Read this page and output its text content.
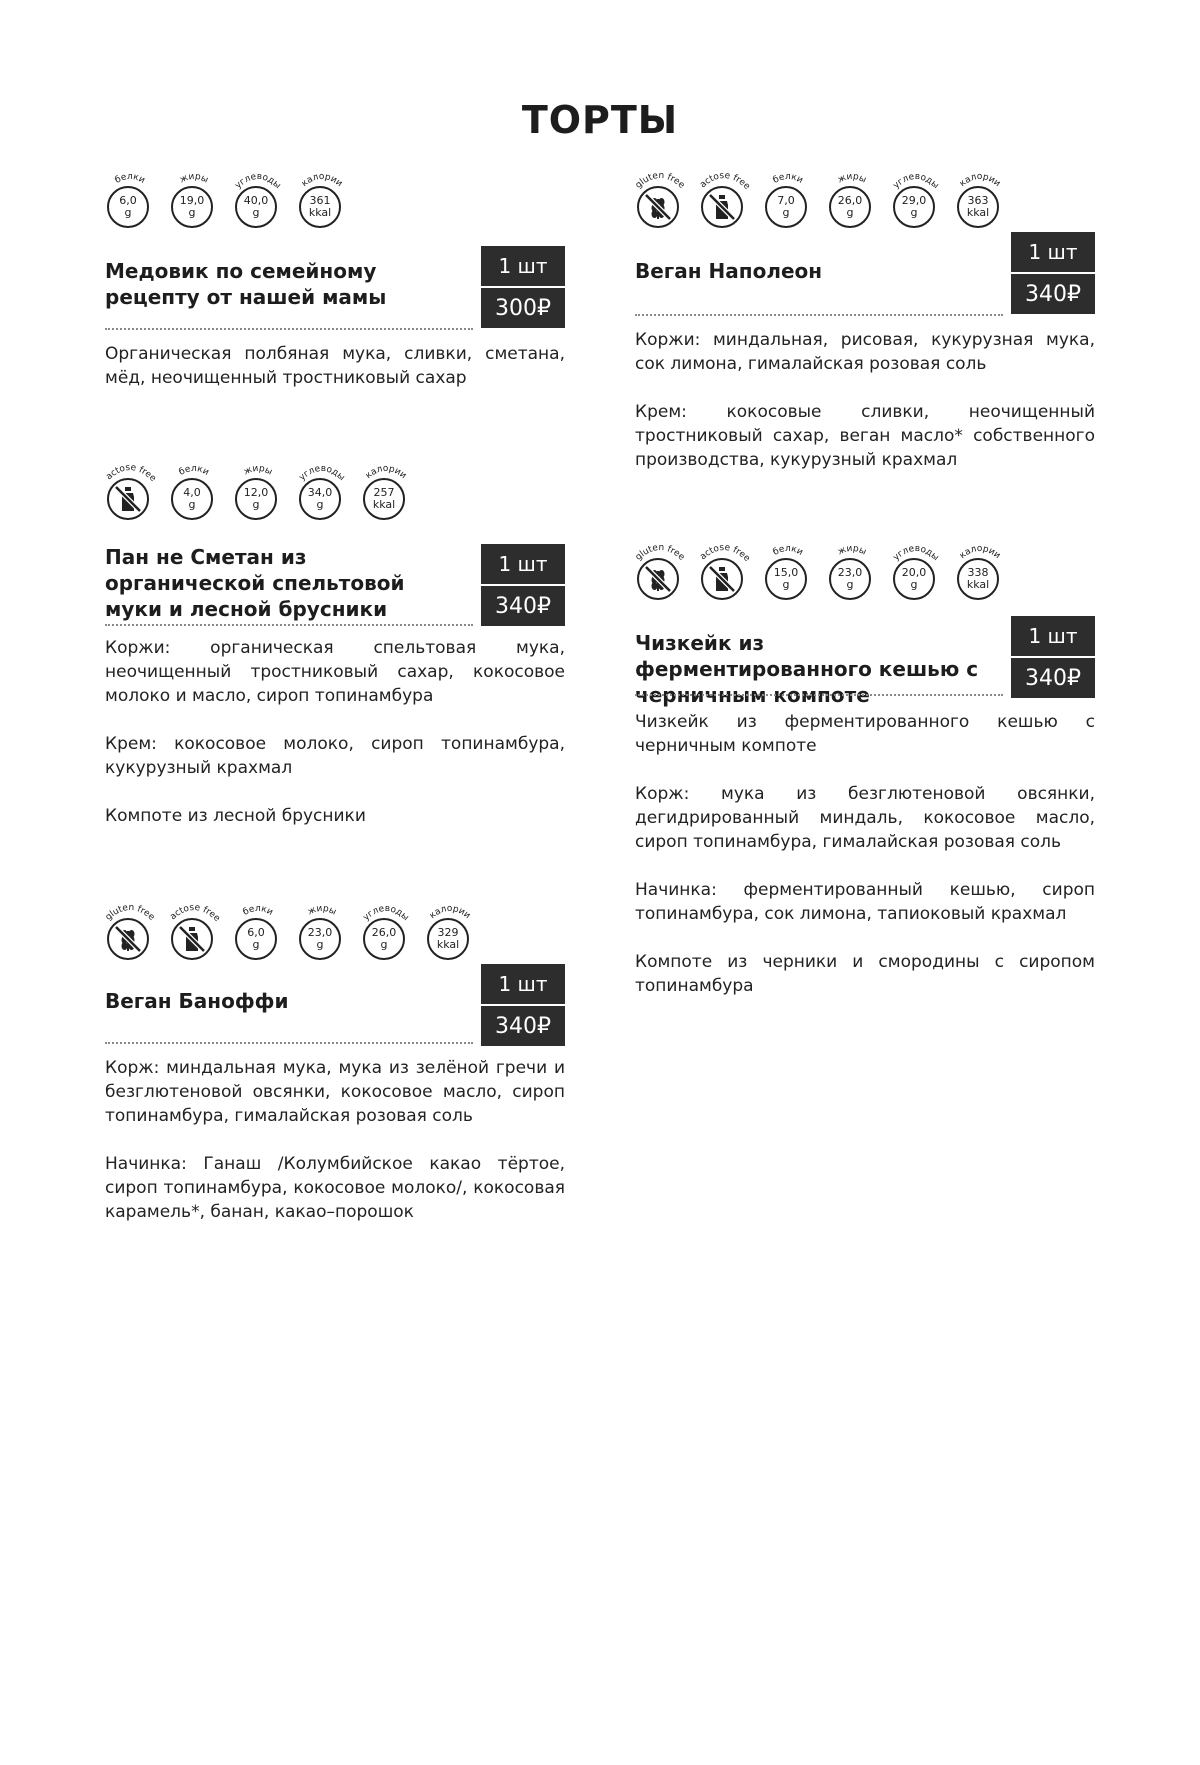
ТОРТЫ
белки
6,0
g
жиры
19,0
g
углеводы
40,0
g
калории
361
kkal
Медовик по семейному рецепту от нашей мамы
1 шт
300₽

Органическая полбяная мука, сливки, сметана, мёд, неочищенный тростниковый сахар

gluten free
lactose free
белки
7,0
g
жиры
26,0
g
углеводы
29,0
g
калории
363
kkal
Веган Наполеон
1 шт
340₽

Коржи: миндальная, рисовая, кукурузная мука, сок лимона, гималайская розовая соль

Крем: кокосовые сливки, неочищенный тростниковый сахар, веган масло* собственного производства, кукурузный крахмал

lactose free
белки
4,0
g
жиры
12,0
g
углеводы
34,0
g
калории
257
kkal
Пан не Сметан из органической спельтовой муки и лесной брусники
1 шт
340₽

Коржи: органическая спельтовая мука, неочищенный тростниковый сахар, кокосовое молоко и масло, сироп топинамбура

Крем: кокосовое молоко, сироп топинамбура, кукурузный крахмал

Компоте из лесной брусники

gluten free
lactose free
белки
15,0
g
жиры
23,0
g
углеводы
20,0
g
калории
338
kkal
Чизкейк из ферментированного кешью с черничным компоте
1 шт
340₽

Чизкейк из ферментированного кешью с черничным компоте

Корж: мука из безглютеновой овсянки, дегидрированный миндаль, кокосовое масло, сироп топинамбура, гималайская розовая соль

Начинка: ферментированный кешью, сироп топинамбура, сок лимона, тапиоковый крахмал

Компоте из черники и смородины с сиропом топинамбура

gluten free
lactose free
белки
6,0
g
жиры
23,0
g
углеводы
26,0
g
калории
329
kkal
Веган Баноффи
1 шт
340₽

Корж: миндальная мука, мука из зелёной гречи и безглютеновой овсянки, кокосовое масло, сироп топинамбура, гималайская розовая соль

Начинка: Ганаш /Колумбийское какао тёртое, сироп топинамбура, кокосовое молоко/, кокосовая карамель*, банан, какао–порошок
